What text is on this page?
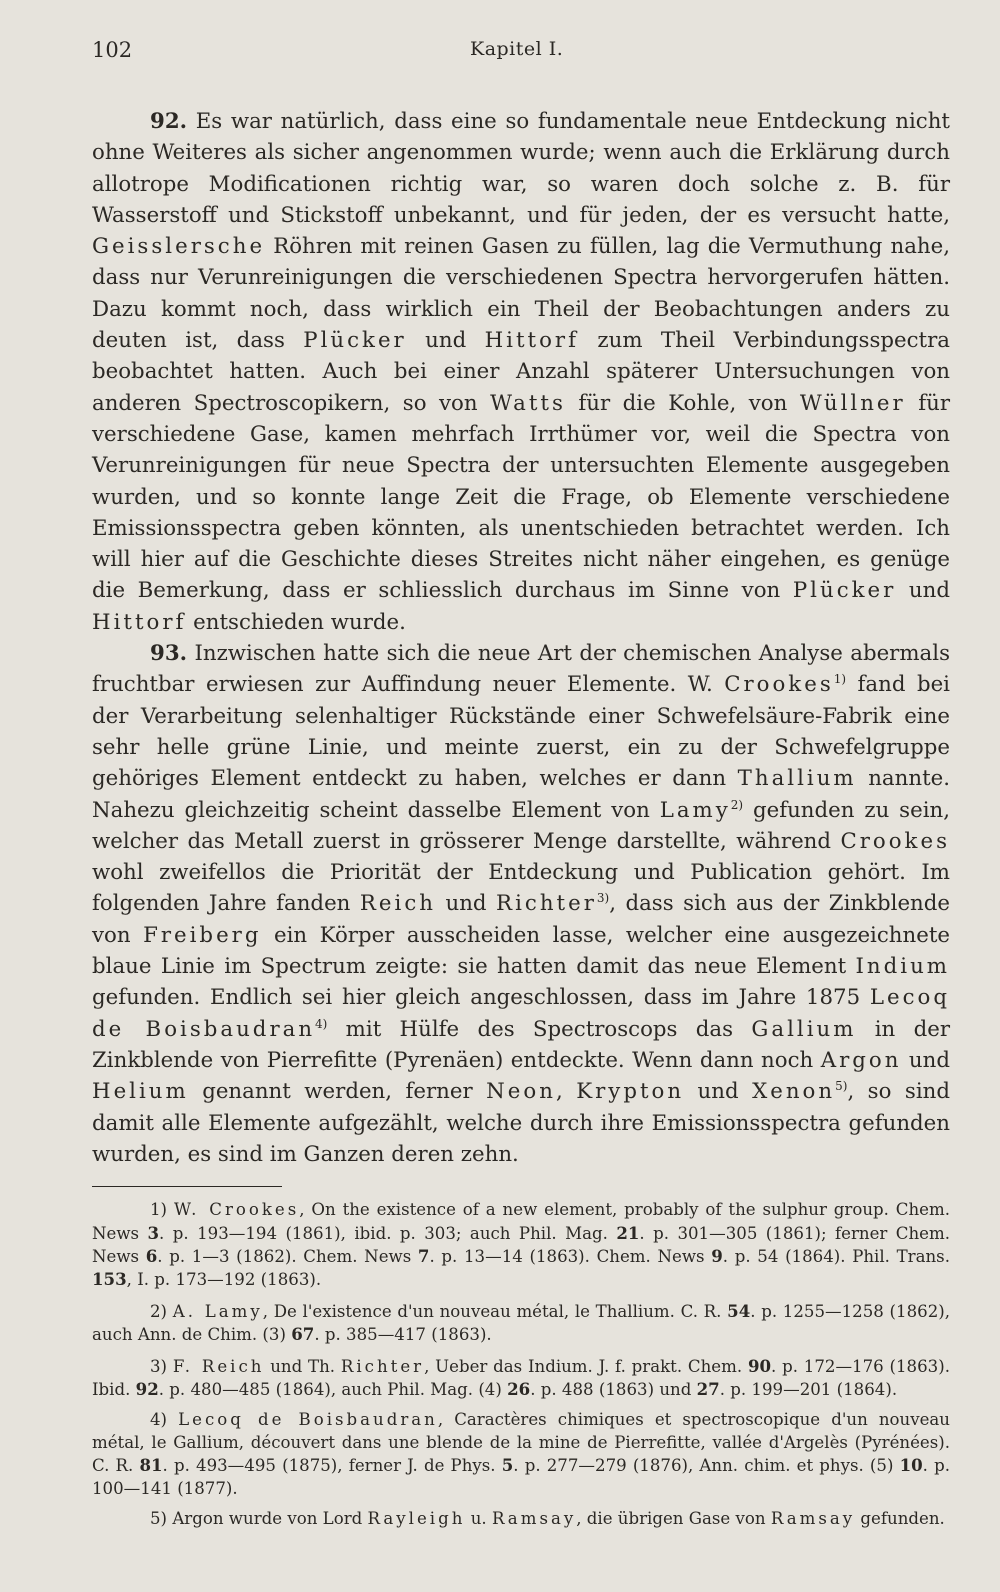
102	Kapitel I.

92. Es war natürlich, dass eine so fundamentale neue Entdeckung nicht ohne Weiteres als sicher angenommen wurde; wenn auch die Erklärung durch allotrope Modificationen richtig war, so waren doch solche z. B. für Wasserstoff und Stickstoff unbekannt, und für jeden, der es versucht hatte, Geisslersche Röhren mit reinen Gasen zu füllen, lag die Vermuthung nahe, dass nur Verunreinigungen die verschiedenen Spectra hervorgerufen hätten. Dazu kommt noch, dass wirklich ein Theil der Beobachtungen anders zu deuten ist, dass Plücker und Hittorf zum Theil Verbindungsspectra beobachtet hatten. Auch bei einer Anzahl späterer Untersuchungen von anderen Spectroscopikern, so von Watts für die Kohle, von Wüllner für verschiedene Gase, kamen mehrfach Irrthümer vor, weil die Spectra von Verunreinigungen für neue Spectra der untersuchten Elemente ausgegeben wurden, und so konnte lange Zeit die Frage, ob Elemente verschiedene Emissionsspectra geben könnten, als unentschieden betrachtet werden. Ich will hier auf die Geschichte dieses Streites nicht näher eingehen, es genüge die Bemerkung, dass er schliesslich durchaus im Sinne von Plücker und Hittorf entschieden wurde.

93. Inzwischen hatte sich die neue Art der chemischen Analyse abermals fruchtbar erwiesen zur Auffindung neuer Elemente. W. Crookes$^{1)}$ fand bei der Verarbeitung selenhaltiger Rückstände einer Schwefelsäure-Fabrik eine sehr helle grüne Linie, und meinte zuerst, ein zu der Schwefelgruppe gehöriges Element entdeckt zu haben, welches er dann Thallium nannte. Nahezu gleichzeitig scheint dasselbe Element von Lamy$^{2)}$ gefunden zu sein, welcher das Metall zuerst in grösserer Menge darstellte, während Crookes wohl zweifellos die Priorität der Entdeckung und Publication gehört. Im folgenden Jahre fanden Reich und Richter$^{3)}$, dass sich aus der Zinkblende von Freiberg ein Körper ausscheiden lasse, welcher eine ausgezeichnete blaue Linie im Spectrum zeigte: sie hatten damit das neue Element Indium gefunden. Endlich sei hier gleich angeschlossen, dass im Jahre 1875 Lecoq de Boisbaudran$^{4)}$ mit Hülfe des Spectroscops das Gallium in der Zinkblende von Pierrefitte (Pyrenäen) entdeckte. Wenn dann noch Argon und Helium genannt werden, ferner Neon, Krypton und Xenon$^{5)}$, so sind damit alle Elemente aufgezählt, welche durch ihre Emissionsspectra gefunden wurden, es sind im Ganzen deren zehn.

1) W. Crookes, On the existence of a new element, probably of the sulphur group. Chem. News 3. p. 193—194 (1861), ibid. p. 303; auch Phil. Mag. 21. p. 301—305 (1861); ferner Chem. News 6. p. 1—3 (1862). Chem. News 7. p. 13—14 (1863). Chem. News 9. p. 54 (1864). Phil. Trans. 153, I. p. 173—192 (1863).

2) A. Lamy, De l'existence d'un nouveau métal, le Thallium. C. R. 54. p. 1255—1258 (1862), auch Ann. de Chim. (3) 67. p. 385—417 (1863).

3) F. Reich und Th. Richter, Ueber das Indium. J. f. prakt. Chem. 90. p. 172—176 (1863). Ibid. 92. p. 480—485 (1864), auch Phil. Mag. (4) 26. p. 488 (1863) und 27. p. 199—201 (1864).

4) Lecoq de Boisbaudran, Caractères chimiques et spectroscopique d'un nouveau métal, le Gallium, découvert dans une blende de la mine de Pierrefitte, vallée d'Argelès (Pyrénées). C. R. 81. p. 493—495 (1875), ferner J. de Phys. 5. p. 277—279 (1876), Ann. chim. et phys. (5) 10. p. 100—141 (1877).

5) Argon wurde von Lord Rayleigh u. Ramsay, die übrigen Gase von Ramsay gefunden.
